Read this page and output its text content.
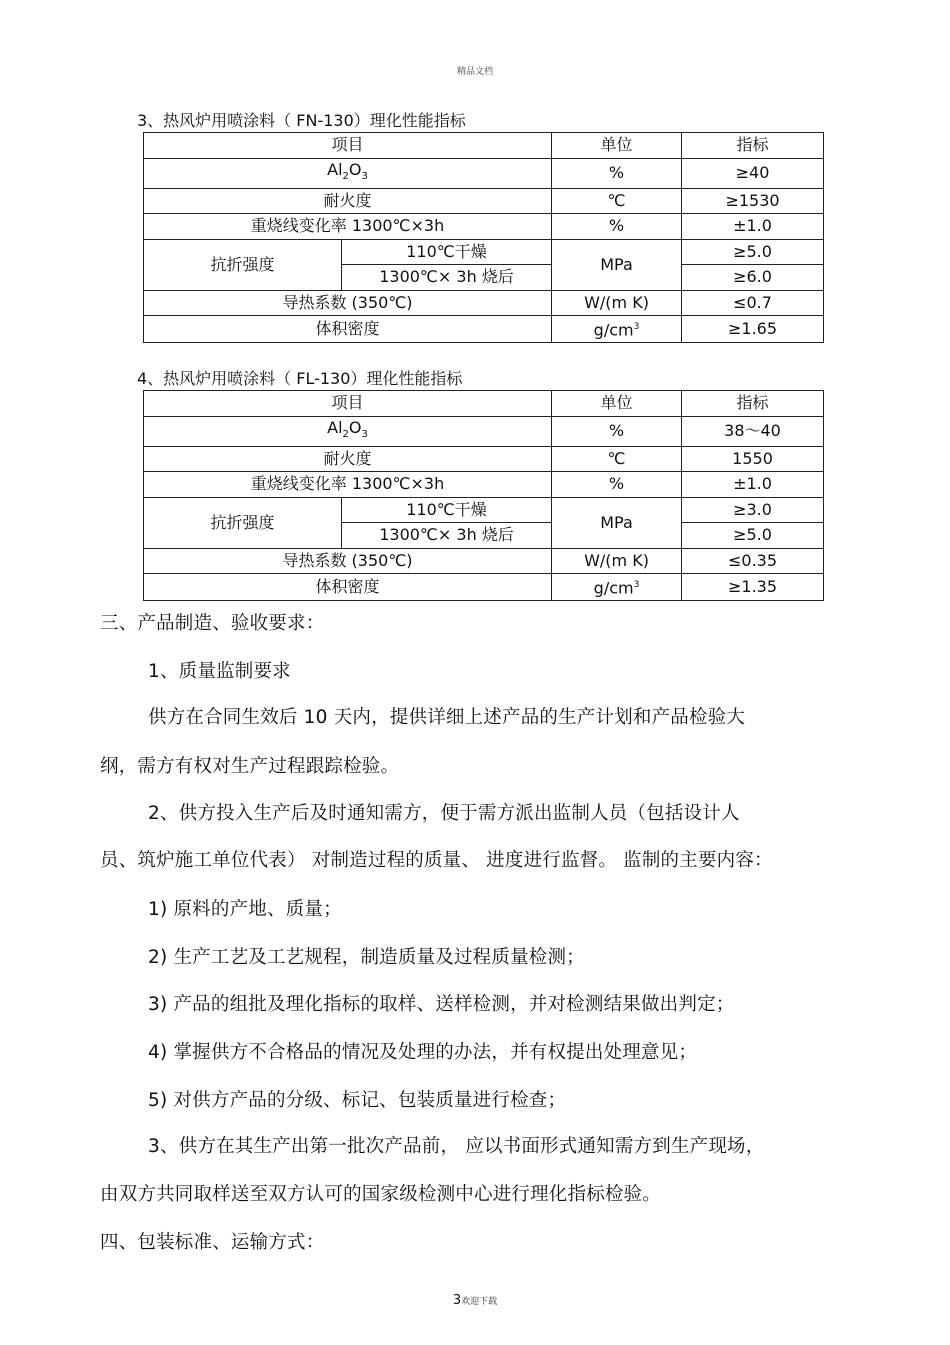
精品文档
3、热风炉用喷涂料（ FN-130）理化性能指标
项目		单位	指标
$Al_2O_3$		%	≥40
耐火度		℃	≥1530
重烧线变化率 1300℃×3h		%	±1.0
抗折强度	110℃干燥	MPa	≥5.0
	1300℃× 3h 烧后		≥6.0
导热系数 (350℃)		W/(m K)	≤0.7
体积密度		$g/cm^3$	≥1.65
4、热风炉用喷涂料（ FL-130）理化性能指标
项目		单位	指标
$Al_2O_3$		%	38～40
耐火度		℃	1550
重烧线变化率 1300℃×3h		%	±1.0
抗折强度	110℃干燥	MPa	≥3.0
	1300℃× 3h 烧后		≥5.0
导热系数 (350℃)		W/(m K)	≤0.35
体积密度		$g/cm^3$	≥1.35
三、产品制造、验收要求：
1、质量监制要求
供方在合同生效后 10 天内，提供详细上述产品的生产计划和产品检验大
纲，需方有权对生产过程跟踪检验。
2、供方投入生产后及时通知需方，便于需方派出监制人员（包括设计人
员、筑炉施工单位代表） 对制造过程的质量、 进度进行监督。 监制的主要内容：
1) 原料的产地、质量；
2) 生产工艺及工艺规程，制造质量及过程质量检测；
3) 产品的组批及理化指标的取样、送样检测，并对检测结果做出判定；
4) 掌握供方不合格品的情况及处理的办法，并有权提出处理意见；
5) 对供方产品的分级、标记、包装质量进行检查；
3、供方在其生产出第一批次产品前， 应以书面形式通知需方到生产现场，
由双方共同取样送至双方认可的国家级检测中心进行理化指标检验。
四、包装标准、运输方式：
3欢迎下载
